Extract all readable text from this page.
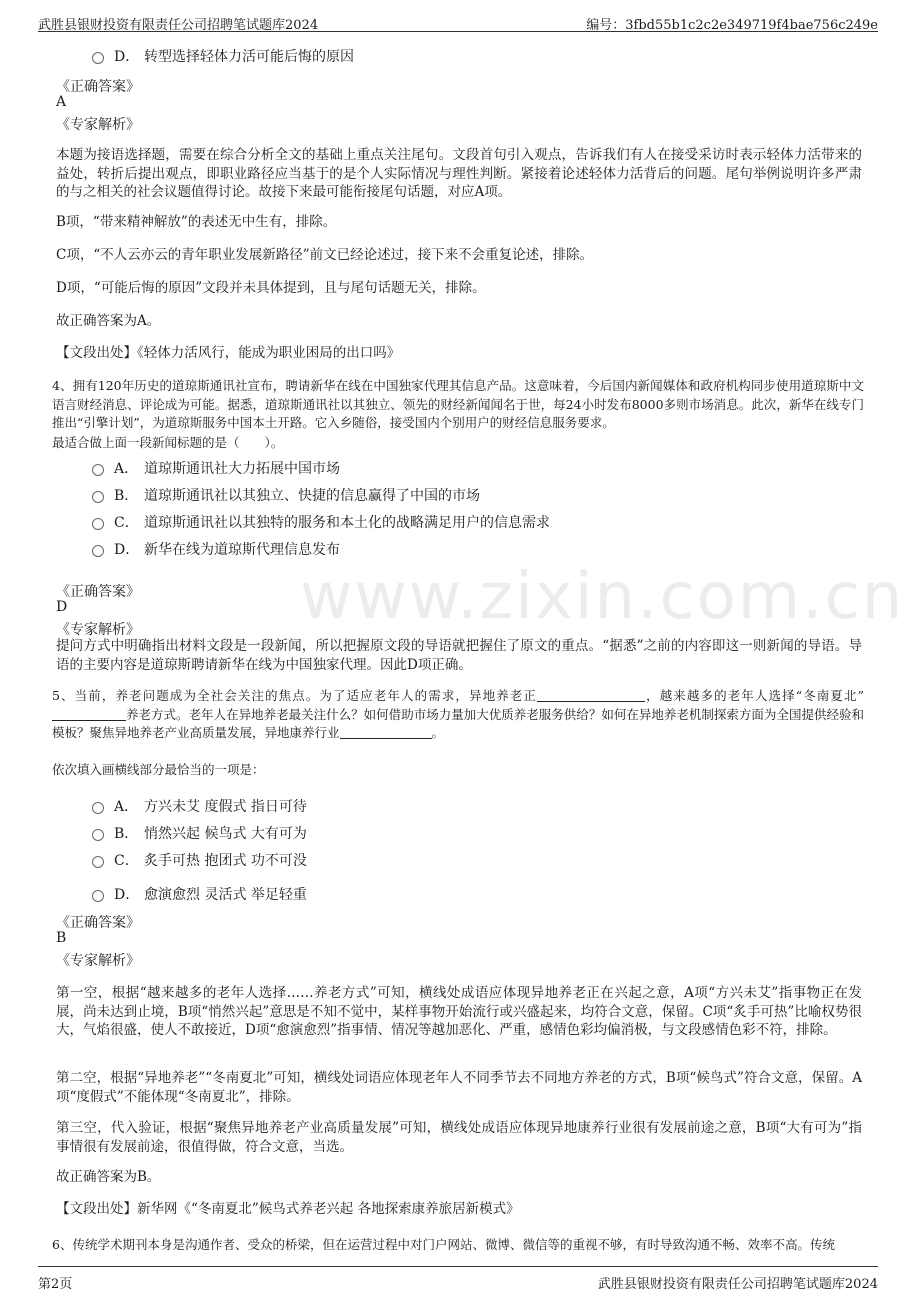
武胜县银财投资有限责任公司招聘笔试题库2024	编号：3fbd55b1c2c2e349719f4bae756c249e
www.zixin.com.cn
D． 转型选择轻体力活可能后悔的原因
《正确答案》
A
《专家解析》
本题为接语选择题，需要在综合分析全文的基础上重点关注尾句。文段首句引入观点，告诉我们有人在接受采访时表示轻体力活带来的益处，转折后提出观点，即职业路径应当基于的是个人实际情况与理性判断。紧接着论述轻体力活背后的问题。尾句举例说明许多严肃的与之相关的社会议题值得讨论。故接下来最可能衔接尾句话题，对应A项。
B项，“带来精神解放”的表述无中生有，排除。
C项，“不人云亦云的青年职业发展新路径”前文已经论述过，接下来不会重复论述，排除。
D项，“可能后悔的原因”文段并未具体提到，且与尾句话题无关，排除。
故正确答案为A。
【文段出处】《轻体力活风行，能成为职业困局的出口吗》
4、拥有120年历史的道琼斯通讯社宣布，聘请新华在线在中国独家代理其信息产品。这意味着，今后国内新闻媒体和政府机构同步使用道琼斯中文语言财经消息、评论成为可能。据悉，道琼斯通讯社以其独立、领先的财经新闻闻名于世，每24小时发布8000多则市场消息。此次，新华在线专门推出“引擎计划”，为道琼斯服务中国本土开路。它入乡随俗，接受国内个别用户的财经信息服务要求。
最适合做上面一段新闻标题的是（　　）。
A． 道琼斯通讯社大力拓展中国市场
B． 道琼斯通讯社以其独立、快捷的信息赢得了中国的市场
C． 道琼斯通讯社以其独特的服务和本土化的战略满足用户的信息需求
D． 新华在线为道琼斯代理信息发布
《正确答案》
D
《专家解析》
提问方式中明确指出材料文段是一段新闻，所以把握原文段的导语就把握住了原文的重点。“据悉”之前的内容即这一则新闻的导语。导语的主要内容是道琼斯聘请新华在线为中国独家代理。因此D项正确。
5、当前，养老问题成为全社会关注的焦点。为了适应老年人的需求，异地养老正	，越来越多的老年人选择“冬南夏北”养老方式。老年人在异地养老最关注什么？如何借助市场力量加大优质养老服务供给？如何在异地养老机制探索方面为全国提供经验和模板？聚焦异地养老产业高质量发展，异地康养行业	。
依次填入画横线部分最恰当的一项是：
A． 方兴未艾 度假式 指日可待
B． 悄然兴起 候鸟式 大有可为
C． 炙手可热 抱团式 功不可没
D． 愈演愈烈 灵活式 举足轻重
《正确答案》
B
《专家解析》
第一空，根据“越来越多的老年人选择……养老方式”可知，横线处成语应体现异地养老正在兴起之意，A项“方兴未艾”指事物正在发展，尚未达到止境，B项“悄然兴起”意思是不知不觉中，某样事物开始流行或兴盛起来，均符合文意，保留。C项“炙手可热”比喻权势很大，气焰很盛，使人不敢接近，D项“愈演愈烈”指事情、情况等越加恶化、严重，感情色彩均偏消极，与文段感情色彩不符，排除。
第二空，根据“异地养老”“冬南夏北”可知，横线处词语应体现老年人不同季节去不同地方养老的方式，B项“候鸟式”符合文意，保留。A项“度假式”不能体现“冬南夏北”，排除。
第三空，代入验证，根据“聚焦异地养老产业高质量发展”可知，横线处成语应体现异地康养行业很有发展前途之意，B项“大有可为”指事情很有发展前途，很值得做，符合文意，当选。
故正确答案为B。
【文段出处】新华网《“冬南夏北”候鸟式养老兴起 各地探索康养旅居新模式》
6、传统学术期刊本身是沟通作者、受众的桥梁，但在运营过程中对门户网站、微博、微信等的重视不够，有时导致沟通不畅、效率不高。传统
第2页	武胜县银财投资有限责任公司招聘笔试题库2024
